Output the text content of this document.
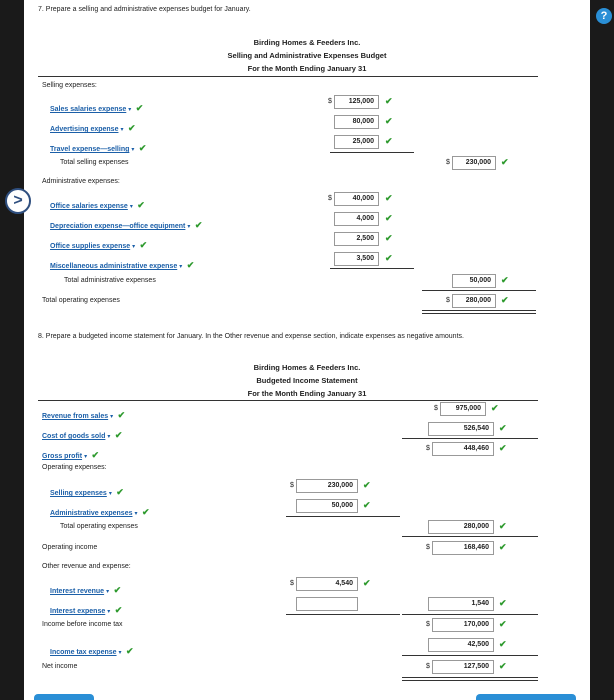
?
>
7. Prepare a selling and administrative expenses budget for January.
Birding Homes & Feeders Inc.
Selling and Administrative Expenses Budget
For the Month Ending January 31
Selling expenses:
Sales salaries expense ▾ ✔
$	125,000	✔
Advertising expense ▾ ✔
80,000	✔
Travel expense—selling ▾ ✔
25,000	✔
Total selling expenses	$	230,000	✔
Administrative expenses:
Office salaries expense ▾ ✔
$	40,000	✔
Depreciation expense—office equipment ▾ ✔
4,000	✔
Office supplies expense ▾ ✔
2,500	✔
Miscellaneous administrative expense ▾ ✔
3,500	✔
Total administrative expenses	50,000	✔
Total operating expenses	$	280,000	✔
8. Prepare a budgeted income statement for January. In the Other revenue and expense section, indicate expenses as negative amounts.
Birding Homes & Feeders Inc.
Budgeted Income Statement
For the Month Ending January 31
Revenue from sales ▾ ✔
$	975,000	✔
Cost of goods sold ▾ ✔
526,540	✔
Gross profit ▾ ✔
$	448,460	✔
Operating expenses:
Selling expenses ▾ ✔
$	230,000	✔
Administrative expenses ▾ ✔
50,000	✔
Total operating expenses	280,000	✔
Operating income	$	168,460	✔
Other revenue and expense:
Interest revenue ▾ ✔
$	4,540	✔
Interest expense ▾ ✔
1,540	✔
Income before income tax	$	170,000	✔
Income tax expense ▾ ✔
42,500	✔
Net income	$	127,500	✔
